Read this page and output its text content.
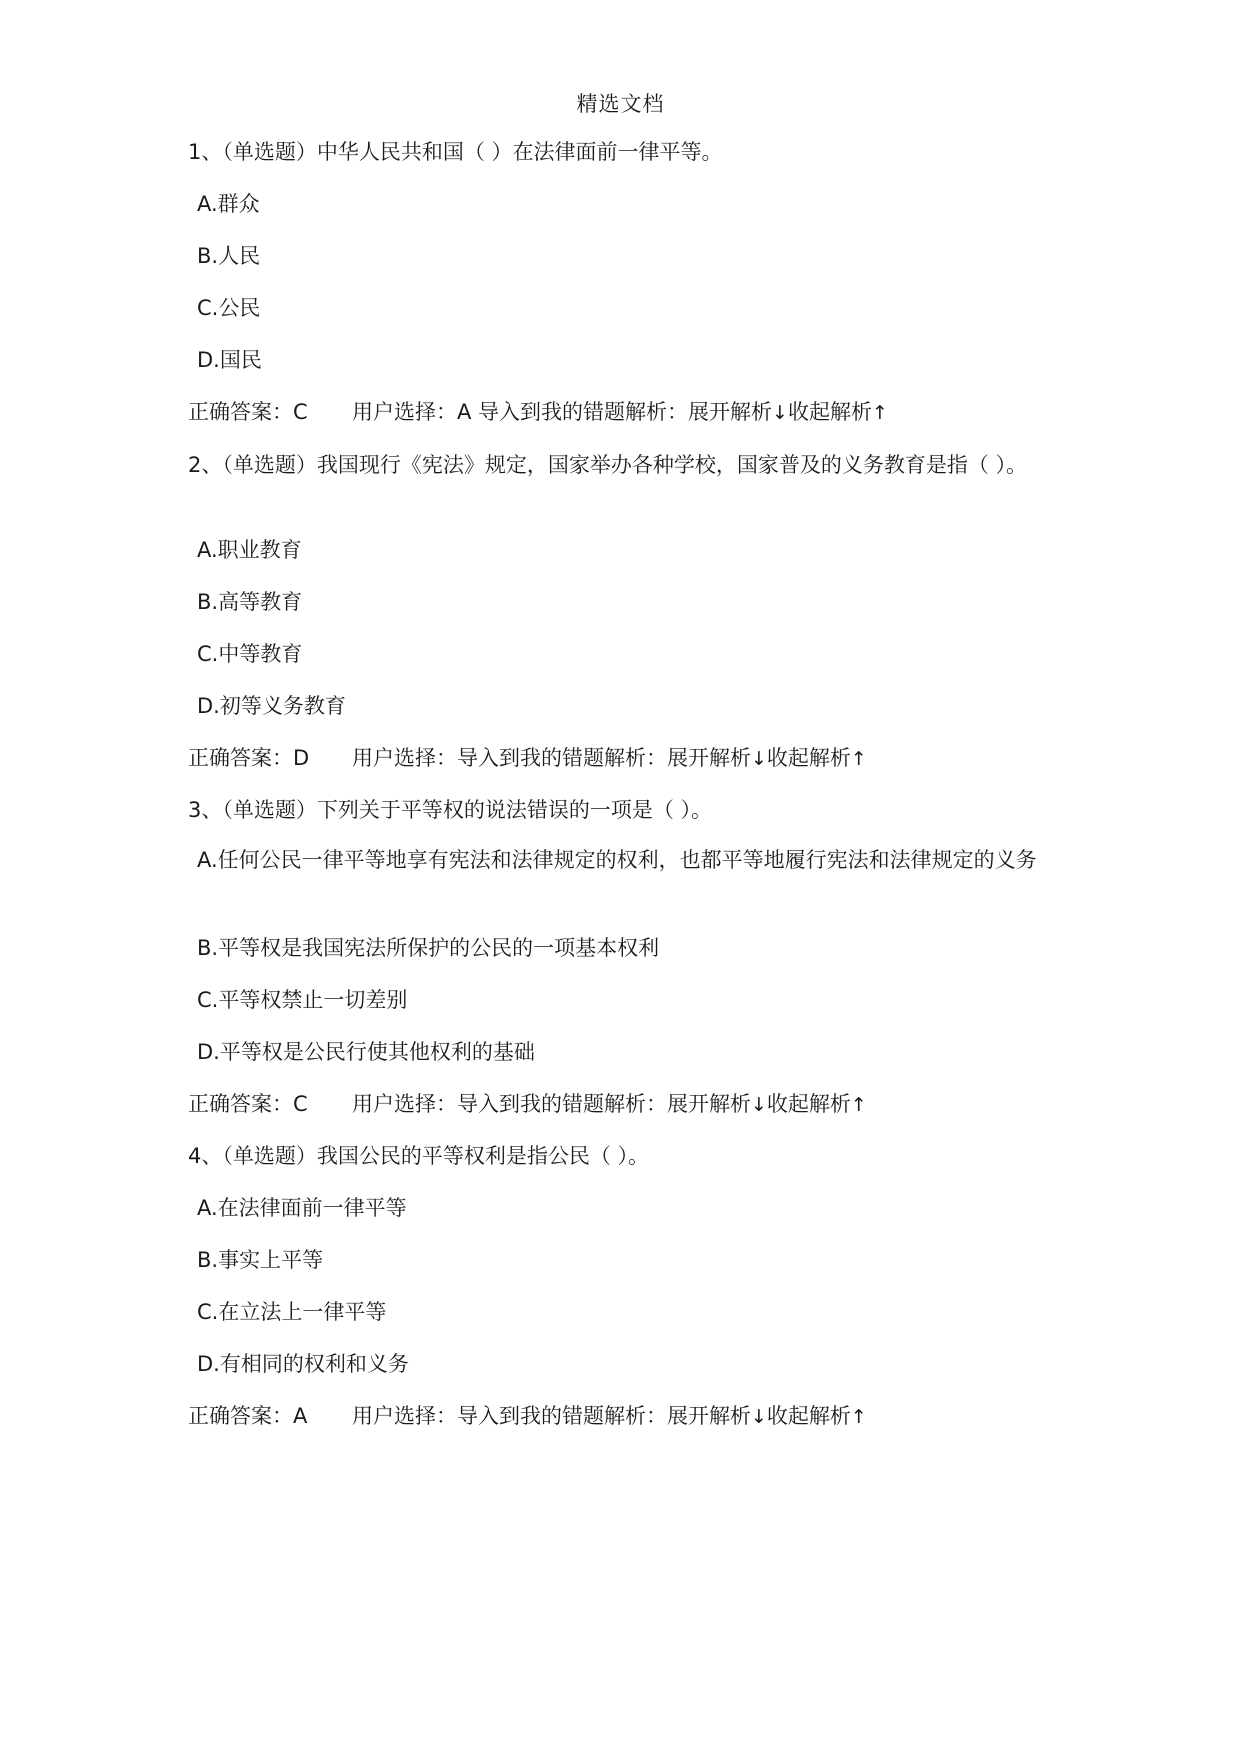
精选文档
1、（单选题）中华人民共和国（ ）在法律面前一律平等。
A.群众
B.人民
C.公民
D.国民
正确答案：C 用户选择：A 导入到我的错题解析：展开解析↓收起解析↑
2、（单选题）我国现行《宪法》规定，国家举办各种学校，国家普及的义务教育是指（ ）。
A.职业教育
B.高等教育
C.中等教育
D.初等义务教育
正确答案：D 用户选择：导入到我的错题解析：展开解析↓收起解析↑
3、（单选题）下列关于平等权的说法错误的一项是（ ）。
A.任何公民一律平等地享有宪法和法律规定的权利，也都平等地履行宪法和法律规定的义务
B.平等权是我国宪法所保护的公民的一项基本权利
C.平等权禁止一切差别
D.平等权是公民行使其他权利的基础
正确答案：C 用户选择：导入到我的错题解析：展开解析↓收起解析↑
4、（单选题）我国公民的平等权利是指公民（ ）。
A.在法律面前一律平等
B.事实上平等
C.在立法上一律平等
D.有相同的权利和义务
正确答案：A 用户选择：导入到我的错题解析：展开解析↓收起解析↑
